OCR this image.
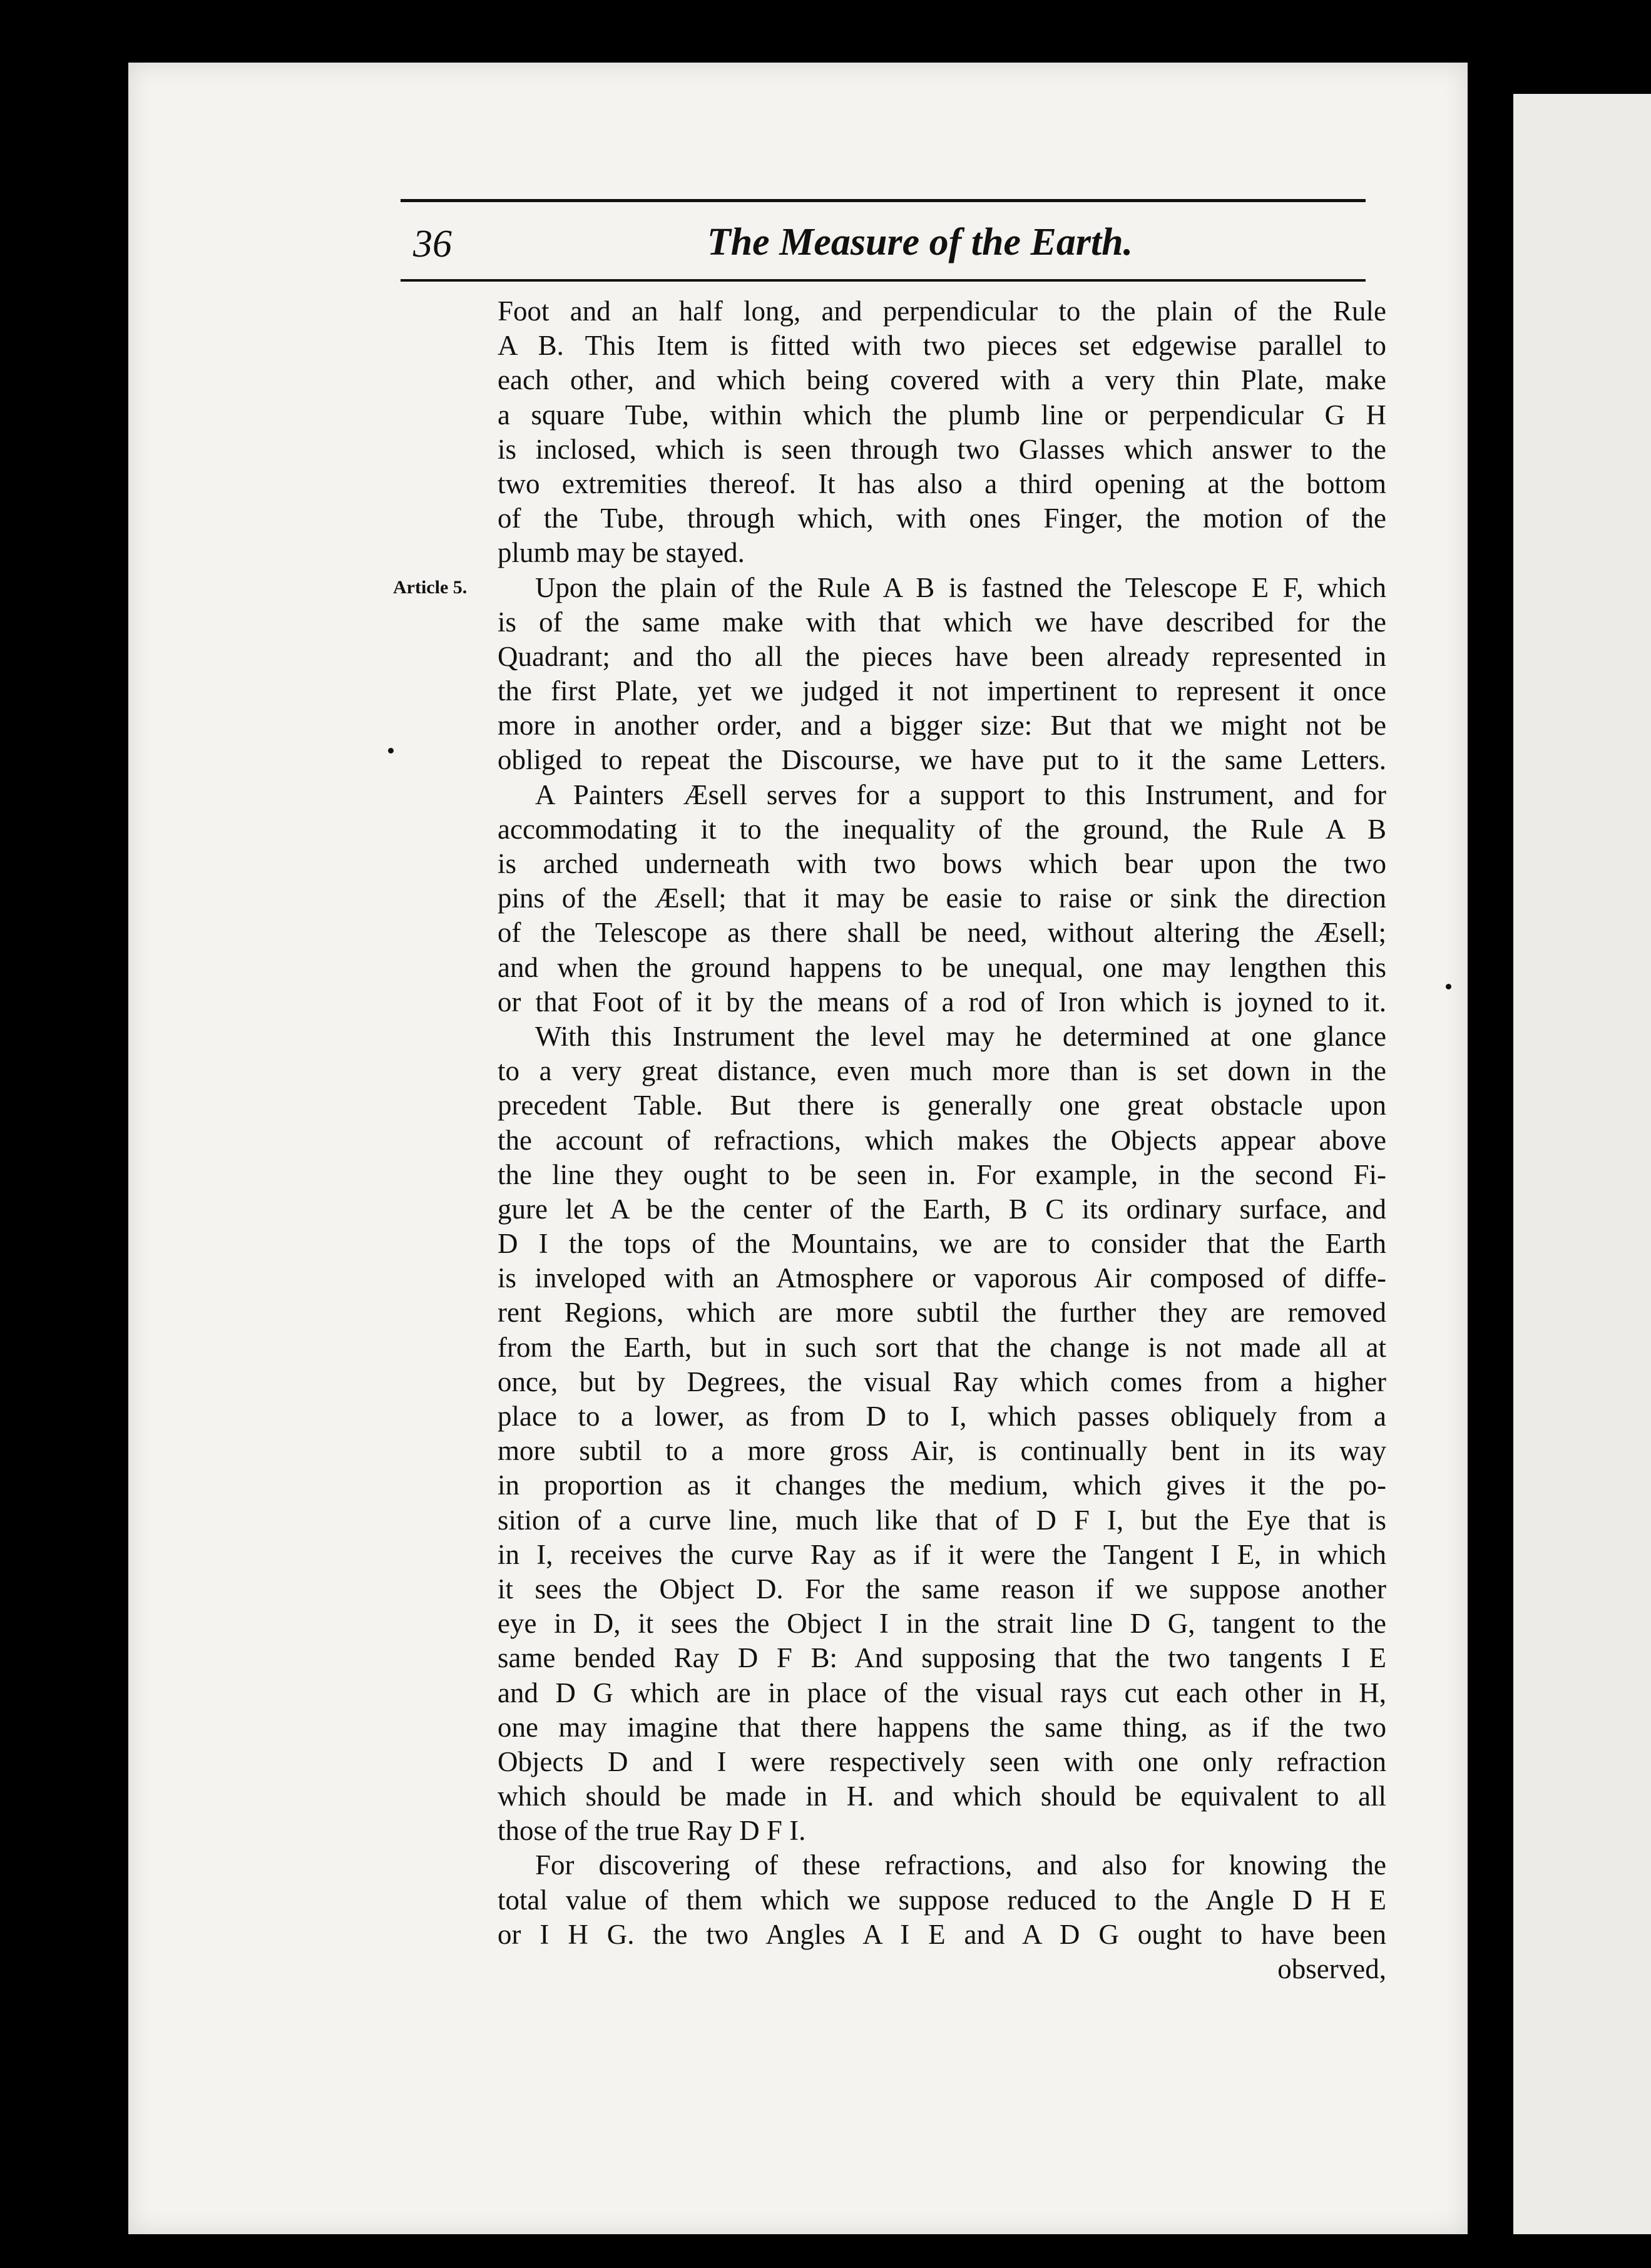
36	The Measure of the Earth.
Article 5.
Foot and an half long, and perpendicular to the plain of the Rule
A B. This Item is fitted with two pieces set edgewise parallel to
each other, and which being covered with a very thin Plate, make
a square Tube, within which the plumb line or perpendicular G H
is inclosed, which is seen through two Glasses which answer to the
two extremities thereof. It has also a third opening at the bottom
of the Tube, through which, with ones Finger, the motion of the
plumb may be stayed.
Upon the plain of the Rule A B is fastned the Telescope E F, which
is of the same make with that which we have described for the
Quadrant; and tho all the pieces have been already represented in
the first Plate, yet we judged it not impertinent to represent it once
more in another order, and a bigger size: But that we might not be
obliged to repeat the Discourse, we have put to it the same Letters.
A Painters Æsell serves for a support to this Instrument, and for
accommodating it to the inequality of the ground, the Rule A B
is arched underneath with two bows which bear upon the two
pins of the Æsell; that it may be easie to raise or sink the direction
of the Telescope as there shall be need, without altering the Æsell;
and when the ground happens to be unequal, one may lengthen this
or that Foot of it by the means of a rod of Iron which is joyned to it.
With this Instrument the level may he determined at one glance
to a very great distance, even much more than is set down in the
precedent Table. But there is generally one great obstacle upon
the account of refractions, which makes the Objects appear above
the line they ought to be seen in. For example, in the second Fi-
gure let A be the center of the Earth, B C its ordinary surface, and
D I the tops of the Mountains, we are to consider that the Earth
is inveloped with an Atmosphere or vaporous Air composed of diffe-
rent Regions, which are more subtil the further they are removed
from the Earth, but in such sort that the change is not made all at
once, but by Degrees, the visual Ray which comes from a higher
place to a lower, as from D to I, which passes obliquely from a
more subtil to a more gross Air, is continually bent in its way
in proportion as it changes the medium, which gives it the po-
sition of a curve line, much like that of D F I, but the Eye that is
in I, receives the curve Ray as if it were the Tangent I E, in which
it sees the Object D. For the same reason if we suppose another
eye in D, it sees the Object I in the strait line D G, tangent to the
same bended Ray D F B: And supposing that the two tangents I E
and D G which are in place of the visual rays cut each other in H,
one may imagine that there happens the same thing, as if the two
Objects D and I were respectively seen with one only refraction
which should be made in H. and which should be equivalent to all
those of the true Ray D F I.
For discovering of these refractions, and also for knowing the
total value of them which we suppose reduced to the Angle D H E
or I H G. the two Angles A I E and A D G ought to have been
observed,
